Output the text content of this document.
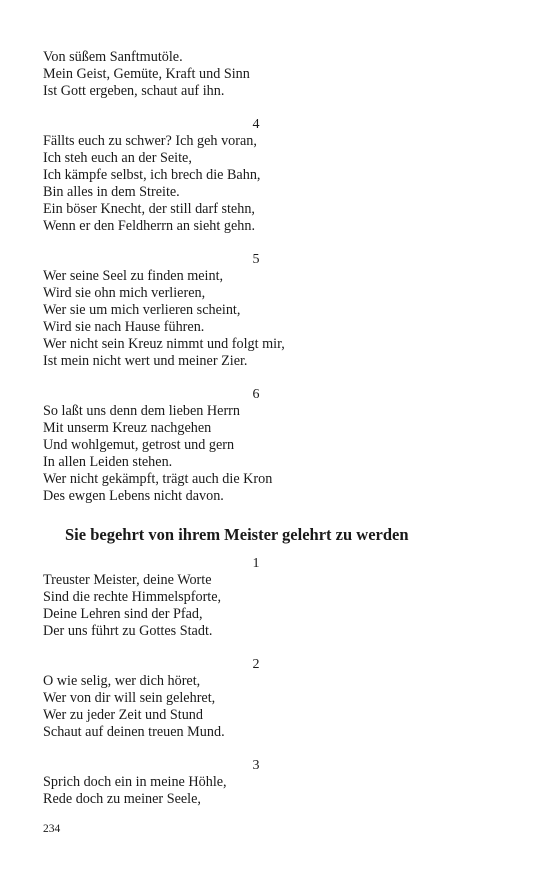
Von süßem Sanftmutöle.
Mein Geist, Gemüte, Kraft und Sinn
Ist Gott ergeben, schaut auf ihn.
4
Fällts euch zu schwer? Ich geh voran,
Ich steh euch an der Seite,
Ich kämpfe selbst, ich brech die Bahn,
Bin alles in dem Streite.
Ein böser Knecht, der still darf stehn,
Wenn er den Feldherrn an sieht gehn.
5
Wer seine Seel zu finden meint,
Wird sie ohn mich verlieren,
Wer sie um mich verlieren scheint,
Wird sie nach Hause führen.
Wer nicht sein Kreuz nimmt und folgt mir,
Ist mein nicht wert und meiner Zier.
6
So laßt uns denn dem lieben Herrn
Mit unserm Kreuz nachgehen
Und wohlgemut, getrost und gern
In allen Leiden stehen.
Wer nicht gekämpft, trägt auch die Kron
Des ewgen Lebens nicht davon.
Sie begehrt von ihrem Meister gelehrt zu werden
1
Treuster Meister, deine Worte
Sind die rechte Himmelspforte,
Deine Lehren sind der Pfad,
Der uns führt zu Gottes Stadt.
2
O wie selig, wer dich höret,
Wer von dir will sein gelehret,
Wer zu jeder Zeit und Stund
Schaut auf deinen treuen Mund.
3
Sprich doch ein in meine Höhle,
Rede doch zu meiner Seele,
234
